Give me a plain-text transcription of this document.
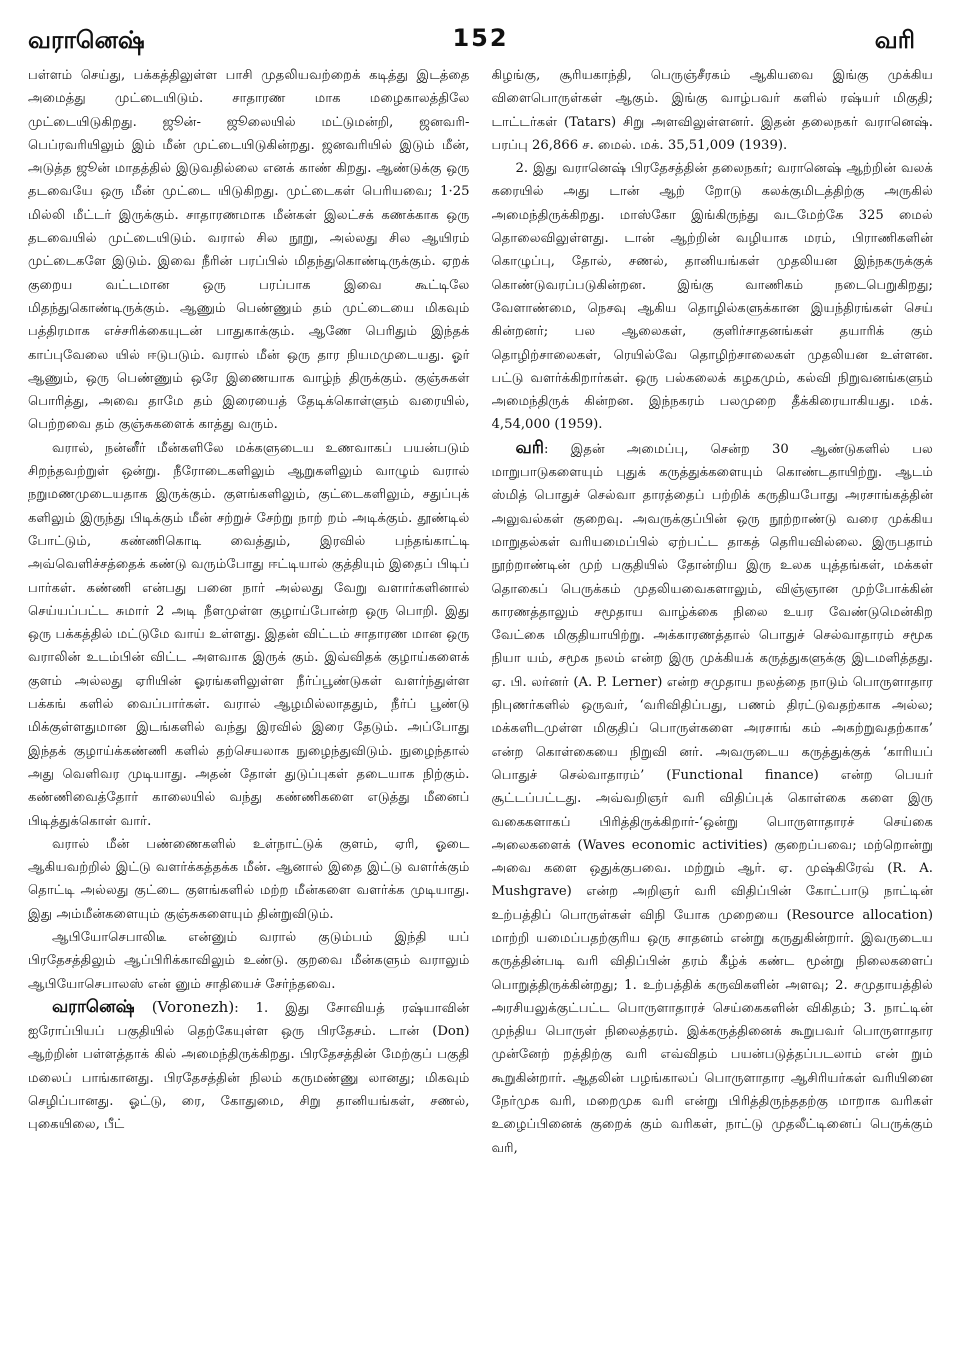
வரானெஷ்	152	வரி

பள்ளம் செய்து, பக்கத்திலுள்ள பாசி முதலியவற்றைக் கடித்து இடத்தை அமைத்து முட்டையிடும். சாதாரண மாக மழைகாலத்திலே முட்டையிடுகிறது. ஜூன்- ஜூலையில் மட்டுமன்றி, ஜனவரி-பெப்ரவரியிலும் இம் மீன் முட்டையிடுகின்றது. ஜனவரியில் இடும் மீன், அடுத்த ஜூன் மாதத்தில் இடுவதில்லை எனக் காண் கிறது. ஆண்டுக்கு ஒரு தடவையே ஒரு மீன் முட்டை யிடுகிறது. முட்டைகள் பெரியவை; 1·25 மில்லி மீட்டர் இருக்கும். சாதாரணமாக மீன்கள் இலட்சக் கணக்காக ஒரு தடவையில் முட்டையிடும். வரால் சில நூறு, அல்லது சில ஆயிரம் முட்டைகளே இடும். இவை நீரின் பரப்பில் மிதந்துகொண்டிருக்கும். ஏறக் குறைய வட்டமான ஒரு பரப்பாக இவை கூட்டிலே மிதந்துகொண்டிருக்கும். ஆணும் பெண்ணும் தம் முட்டையை மிகவும் பத்திரமாக எச்சரிக்கையுடன் பாதுகாக்கும். ஆணே பெரிதும் இந்தக் காப்புவேலை யில் ஈடுபடும். வரால் மீன் ஒரு தார நியமமுடையது. ஓர் ஆணும், ஒரு பெண்ணும் ஒரே இணையாக வாழ்ந் திருக்கும். குஞ்சுகள் பொரித்து, அவை தாமே தம் இரையைத் தேடிக்கொள்ளும் வரையில், பெற்றவை தம் குஞ்சுகளைக் காத்து வரும்.

வரால், நன்னீர் மீன்களிலே மக்களுடைய உணவாகப் பயன்படும் சிறந்தவற்றுள் ஒன்று. நீரோடைகளிலும் ஆறுகளிலும் வாழும் வரால் நறுமணமுடையதாக இருக்கும். குளங்களிலும், குட்டைகளிலும், சதுப்புக் களிலும் இருந்து பிடிக்கும் மீன் சற்றுச் சேற்று நாற் றம் அடிக்கும். தூண்டில் போட்டும், கண்ணிகொடி வைத்தும், இரவில் பந்தங்காட்டி அவ்வெளிச்சத்தைக் கண்டு வரும்போது ஈட்டியால் குத்தியும் இதைப் பிடிப் பார்கள். கண்ணி என்பது பனை நார் அல்லது வேறு வளார்களினால் செய்யப்பட்ட சுமார் 2 அடி நீளமுள்ள குழாய்போன்ற ஒரு பொறி. இது ஒரு பக்கத்தில் மட்டுமே வாய் உள்ளது. இதன் விட்டம் சாதாரண மான ஒரு வராலின் உடம்பின் விட்ட அளவாக இருக் கும். இவ்விதக் குழாய்களைக் குளம் அல்லது ஏரியின் ஓரங்களிலுள்ள நீர்ப்பூண்டுகள் வளர்ந்துள்ள பக்கங் களில் வைப்பார்கள். வரால் ஆழமில்லாததும், நீர்ப் பூண்டு மிக்குள்ளதுமான இடங்களில் வந்து இரவில் இரை தேடும். அப்போது இந்தக் குழாய்க்கண்ணி களில் தற்செயலாக நுழைந்துவிடும். நுழைந்தால் அது வெளிவர முடியாது. அதன் தோள் துடுப்புகள் தடையாக நிற்கும். கண்ணிவைத்தோர் காலையில் வந்து கண்ணிகளை எடுத்து மீனைப் பிடித்துக்கொள் வார்.

வரால் மீன் பண்ணைகளில் உள்நாட்டுக் குளம், ஏரி, ஓடை ஆகியவற்றில் இட்டு வளர்க்கத்தக்க மீன். ஆனால் இதை இட்டு வளர்க்கும் தொட்டி அல்லது குட்டை குளங்களில் மற்ற மீன்களை வளர்க்க முடியாது. இது அம்மீன்களையும் குஞ்சுகளையும் தின்றுவிடும்.

ஆபியோசெபாலிடீ என்னும் வரால் குடும்பம் இந்தி யப் பிரதேசத்திலும் ஆப்பிரிக்காவிலும் உண்டு. குறவை மீன்களும் வராலும் ஆபியோசெபாலஸ் என் னும் சாதியைச் சேர்ந்தவை.

வரானெஷ் (Voronezh): 1. இது சோவியத் ரஷ்யாவின் ஐரோப்பியப் பகுதியில் தெற்கேயுள்ள ஒரு பிரதேசம். டான் (Don) ஆற்றின் பள்ளத்தாக் கில் அமைந்திருக்கிறது. பிரதேசத்தின் மேற்குப் பகுதி மலைப் பாங்கானது. பிரதேசத்தின் நிலம் கருமண்ணு லானது; மிகவும் செழிப்பானது. ஓட்டு, ரை, கோதுமை, சிறு தானியங்கள், சணல், புகையிலை, பீட்

கிழங்கு, சூரியகாந்தி, பெருஞ்சீரகம் ஆகியவை இங்கு முக்கிய விளைபொருள்கள் ஆகும். இங்கு வாழ்பவர் களில் ரஷ்யர் மிகுதி; டாட்டர்கள் (Tatars) சிறு அளவிலுள்ளனர். இதன் தலைநகர் வரானெஷ். பரப்பு 26,866 ச. மைல். மக். 35,51,009 (1939).

2. இது வரானெஷ் பிரதேசத்தின் தலைநகர்; வரானெஷ் ஆற்றின் வலக் கரையில் அது டான் ஆற் றோடு கலக்குமிடத்திற்கு அருகில் அமைந்திருக்கிறது. மாஸ்கோ இங்கிருந்து வடமேற்கே 325 மைல் தொலைவிலுள்ளது. டான் ஆற்றின் வழியாக மரம், பிராணிகளின் கொழுப்பு, தோல், சணல், தானியங்கள் முதலியன இந்நகருக்குக் கொண்டுவரப்படுகின்றன. இங்கு வாணிகம் நடைபெறுகிறது; வேளாண்மை, நெசவு ஆகிய தொழில்களுக்கான இயந்திரங்கள் செய் கின்றனர்; பல ஆலைகள், குளிர்சாதனங்கள் தயாரிக் கும் தொழிற்சாலைகள், ரெயில்வே தொழிற்சாலைகள் முதலியன உள்ளன. பட்டு வளர்க்கிறார்கள். ஒரு பல்கலைக் கழகமும், கல்வி நிறுவனங்களும் அமைந்திருக் கின்றன. இந்நகரம் பலமுறை தீக்கிரையாகியது. மக். 4,54,000 (1959).

வரி: இதன் அமைப்பு, சென்ற 30 ஆண்டுகளில் பல மாறுபாடுகளையும் புதுக் கருத்துக்களையும் கொண்டதாயிற்று. ஆடம் ஸ்மித் பொதுச் செல்வா தாரத்தைப் பற்றிக் கருதியபோது அரசாங்கத்தின் அலுவல்கள் குறைவு. அவருக்குப்பின் ஒரு நூற்றாண்டு வரை முக்கிய மாறுதல்கள் வரியமைப்பில் ஏற்பட்ட தாகத் தெரியவில்லை. இருபதாம் நூற்றாண்டின் முற் பகுதியில் தோன்றிய இரு உலக யுத்தங்கள், மக்கள் தொகைப் பெருக்கம் முதலியவைகளாலும், விஞ்ஞான முற்போக்கின் காரணத்தாலும் சமூதாய வாழ்க்கை நிலை உயர வேண்டுமென்கிற வேட்கை மிகுதியாயிற்று. அக்காரணத்தால் பொதுச் செல்வாதாரம் சமூக நியா யம், சமூக நலம் என்ற இரு முக்கியக் கருத்துகளுக்கு இடமளித்தது. ஏ. பி. லர்னர் (A. P. Lerner) என்ற சமுதாய நலத்தை நாடும் பொருளாதார நிபுணர்களில் ஒருவர், ‘வரிவிதிப்பது, பணம் திரட்டுவதற்காக அல்ல; மக்களிடமுள்ள மிகுதிப் பொருள்களை அரசாங் கம் அகற்றுவதற்காக’ என்ற கொள்கையை நிறுவி னர். அவருடைய கருத்துக்குக் ‘காரியப் பொதுச் செல்வாதாரம்’ (Functional finance) என்ற பெயர் சூட்டப்பட்டது. அவ்வறிஞர் வரி விதிப்புக் கொள்கை களை இரு வகைகளாகப் பிரித்திருக்கிறார்-‘ஒன்று பொருளாதாரச் செய்கை அலைகளைக் (Waves economic activities) குறைப்பவை; மற்றொன்று அவை களை ஒதுக்குபவை. மற்றும் ஆர். ஏ. முஷ்கிரேவ் (R. A. Mushgrave) என்ற அறிஞர் வரி விதிப்பின் கோட்பாடு நாட்டின் உற்பத்திப் பொருள்கள் விநி யோக முறையை (Resource allocation) மாற்றி யமைப்பதற்குரிய ஒரு சாதனம் என்று கருதுகின்றார். இவருடைய கருத்தின்படி வரி விதிப்பின் தரம் கீழ்க் கண்ட மூன்று நிலைகளைப் பொறுத்திருக்கின்றது; 1. உற்பத்திக் கருவிகளின் அளவு; 2. சமுதாயத்தில் அரசியலுக்குட்பட்ட பொருளாதாரச் செய்கைகளின் விகிதம்; 3. நாட்டின் முந்திய பொருள் நிலைத்தரம். இக்கருத்தினைக் கூறுபவர் பொருளாதார முன்னேற் றத்திற்கு வரி எவ்விதம் பயன்படுத்தப்படலாம் என் றும் கூறுகின்றார். ஆதலின் பழங்காலப் பொருளாதார ஆசிரியர்கள் வரியினை நேர்முக வரி, மறைமுக வரி என்று பிரித்திருந்ததற்கு மாறாக வரிகள் உழைப்பினைக் குறைக் கும் வரிகள், நாட்டு முதலீட்டினைப் பெருக்கும் வரி,
